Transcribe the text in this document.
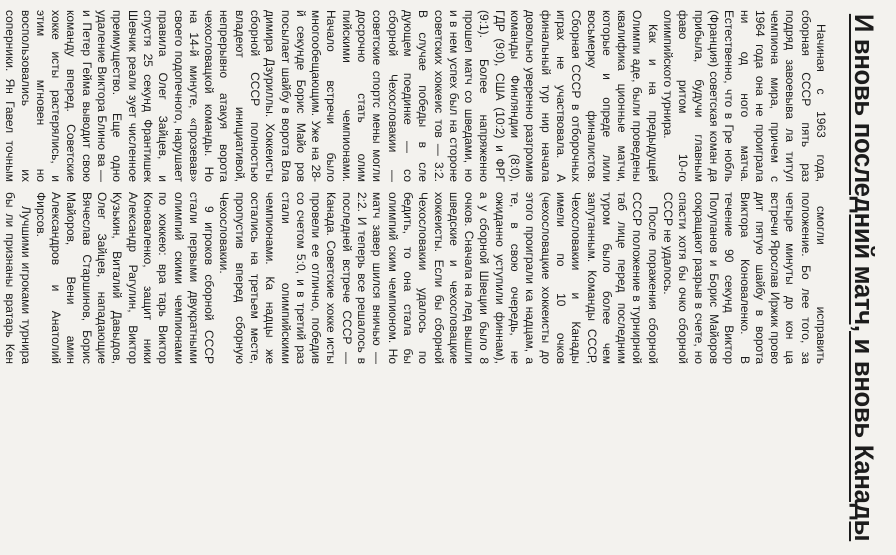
И вновь последний матч, и вновь Канады

Начиная с 1963 года, сборная СССР пять раз подряд завоевыва ла титул чемпиона мира, причем с 1964 года она не проиграла ни од ного матча. Естественно, что в Гре нобль (Франция) советская коман да прибыла, будучи главным фаво ритом 10-го олимпийского турнира.

Как и на предыдущей Олимпи аде, были проведены квалифика ционные матчи, которые и опреде лили восьмерку финалистов. Сборная СССР в отборочных играх не участвовала. А финальный тур нир начала довольно уверенно разгромив команды Финляндии (8:0), ГДР (9:0), США (10:2) и ФРГ (9:1). Более напряженно прошел матч со шведами, но и в нем успех был на стороне советских хоккеис тов — 3:2. В случае победы в сле дующем поединке — со сборной Чехословакии — советские спортс мены могли досрочно стать олим пийскими чемпионами. Начало встречи было многообещающим. Уже на 28-й секунде Борис Майо ров посылает шайбу в ворота Вла димира Дзуриллы. Хоккеисты сборной СССР полностью владеют инициативой, непрерывно атакуя ворота чехословацкой команды. Но на 14-й минуте, «прозевав» своего подопечного, нарушает правила Олег Зайцев, и спустя 25 секунд Франтишек Шевчик реали зует численное преимущество. Еще одно удаление Виктора Блино ва — и Петер Гейма выводит свою команду вперед. Советские хокке исты растерялись, и этим мгновен но воспользовались их соперники. Ян Гавел точным

смогли исправить положение. Бо лее того, за четыре минуты до кон ца встречи Ярослав Иржик прово дит пятую шайбу в ворота Виктора Коноваленко. В течение 90 секунд Виктор Полупанов и Борис Майоров сокращают разрыв в счете, но спасти хотя бы очко сборной СССР не удалось.

После поражения сборной СССР положение в турнирной таб лице перед последним туром было более чем запутанным. Команды СССР, Чехословакии и Канады имели по 10 очков (чехословацкие хоккеисты до этого проиграли ка надцам, а те, в свою очередь, не ожиданно уступили финнам), а у сборной Швеции было 8 очков. Сначала на лед вышли шведские и чехословацкие хоккеисты. Если бы сборной Чехословакии удалось по бедить, то она стала бы олимпий ским чемпионом. Но матч завер шился вничью — 2:2. И теперь все решалось в последней встрече СССР — Канада. Советские хокке исты провели ее отлично, победив со счетом 5:0, и в третий раз стали олимпийскими чемпионами. Ка надцы же остались на третьем месте, пропустив вперед сборную Чехословакии.

9 игроков сборной СССР стали первыми двукратными олимпий скими чемпионами по хоккею: вра тарь Виктор Коноваленко, защит ники Александр Рагулин, Виктор Кузькин, Виталий Давыдов, Олег Зайцев, нападающие Вячеслав Старшинов, Борис Майоров, Вени амин Александров и Анатолий Фирсов.

Лучшими игроками турнира бы ли признаны вратарь Кен
